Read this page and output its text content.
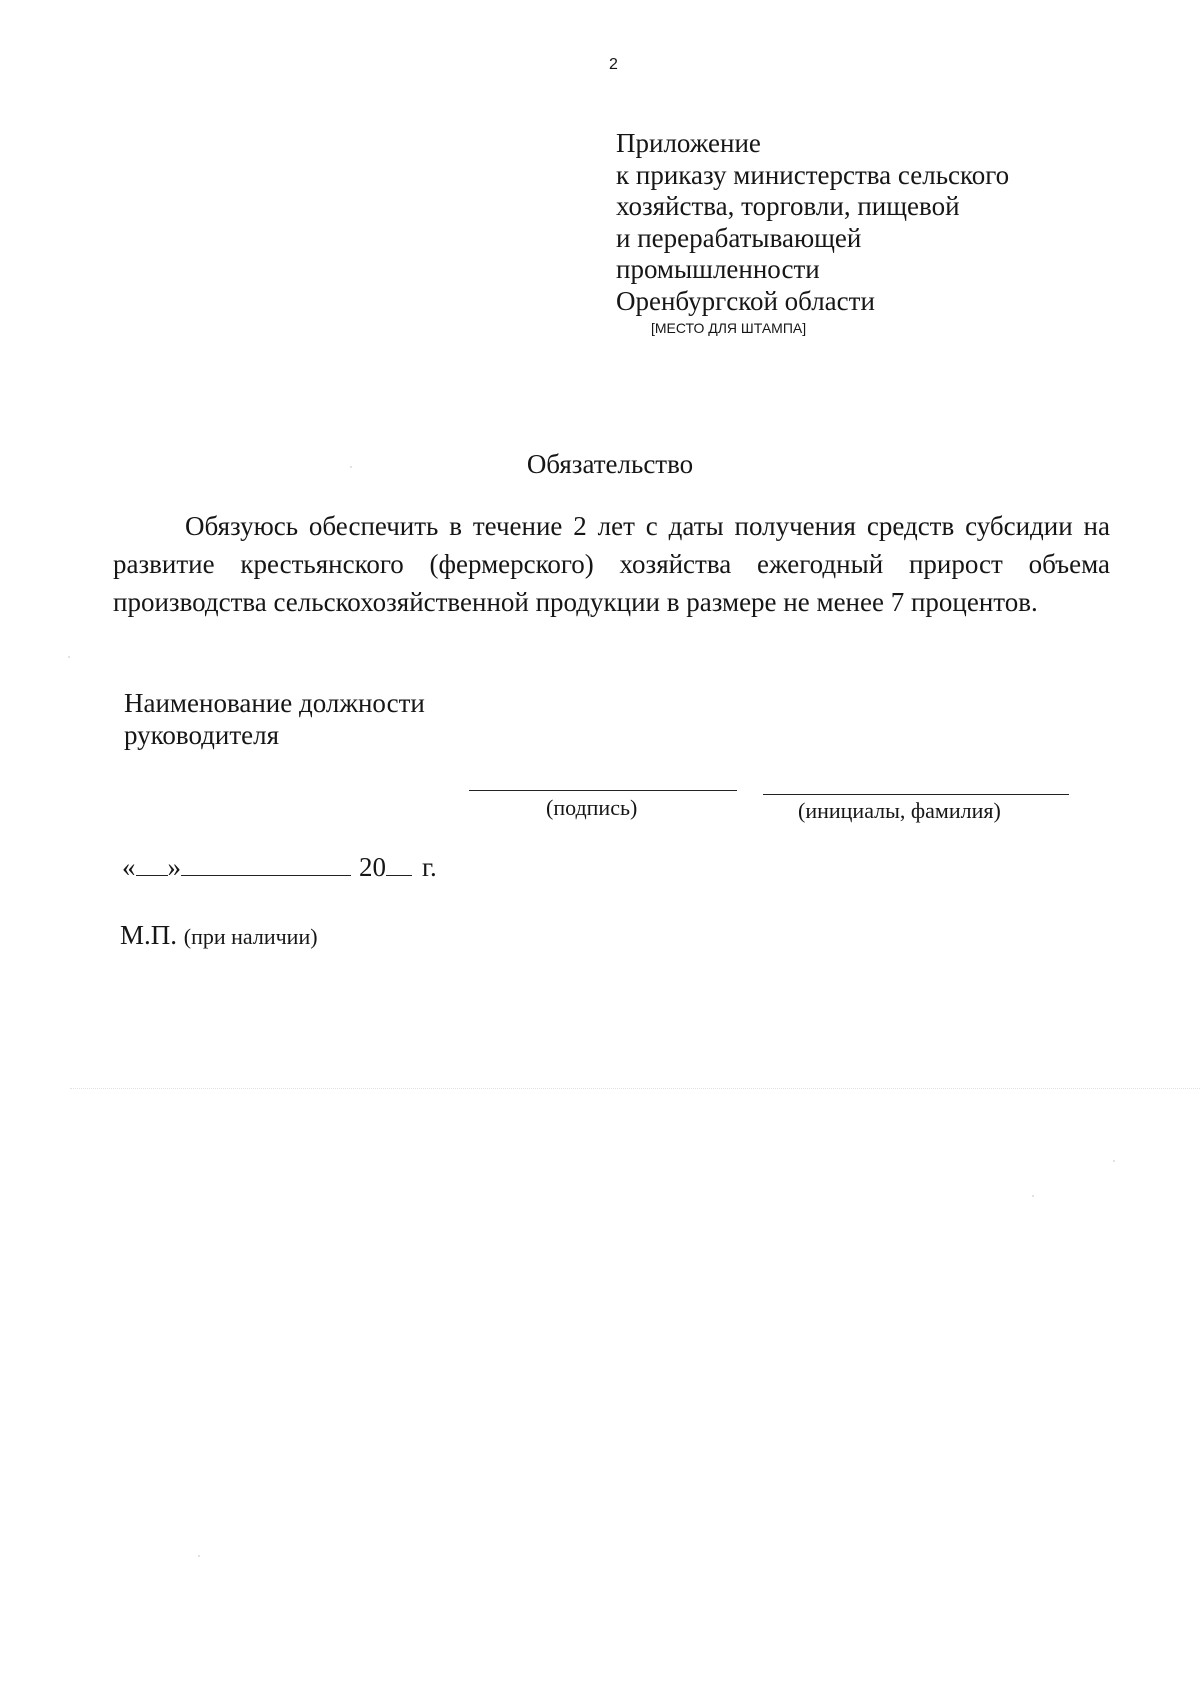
2
Приложение
к приказу министерства сельского
хозяйства, торговли, пищевой
и перерабатывающей
промышленности
Оренбургской области
[МЕСТО ДЛЯ ШТАМПА]
Обязательство

Обязуюсь обеспечить в течение 2 лет с даты получения средств субсидии на развитие крестьянского (фермерского) хозяйства ежегодный прирост объема производства сельскохозяйственной продукции в размере не менее 7 процентов.

Наименование должности
руководителя
(подпись)	(инициалы, фамилия)
« »	20 г.
М.П. (при наличии)
